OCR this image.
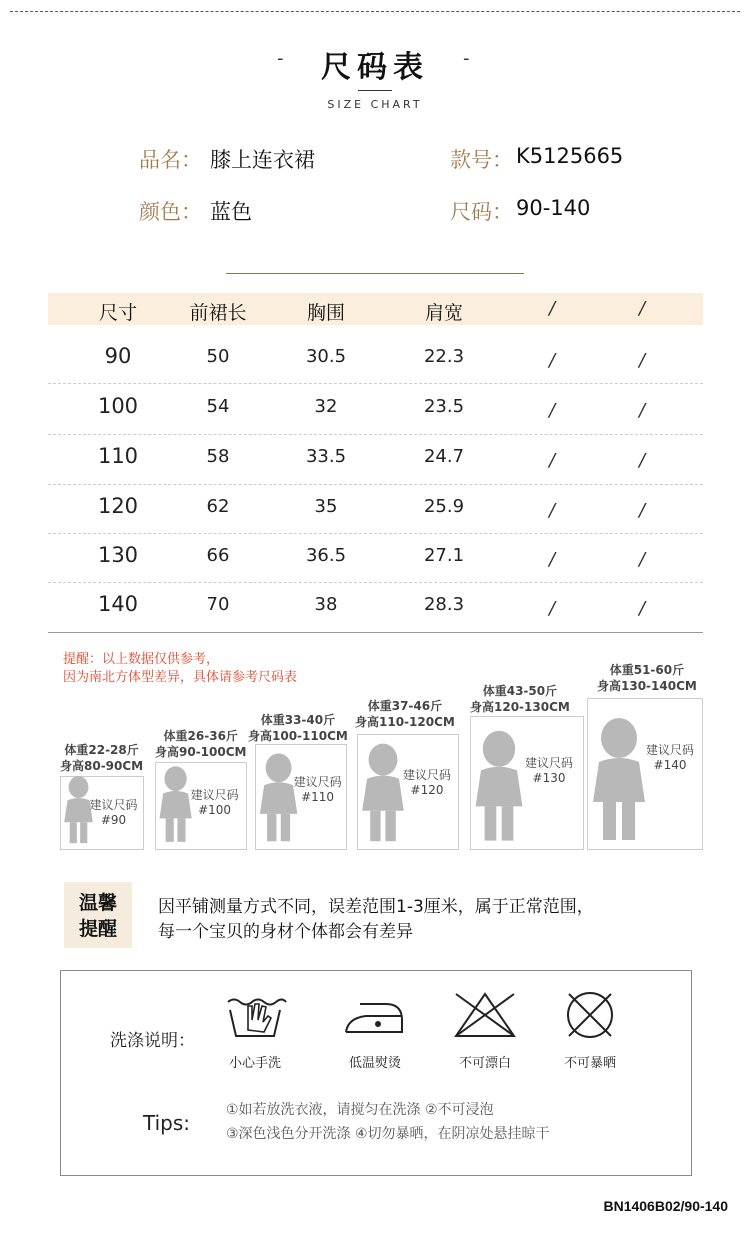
-	尺码表	-
SIZE CHART
品名： 膝上连衣裙	款号： K5125665
颜色： 蓝色	尺码： 90-140
尺寸	前裙长	胸围	肩宽	/	/
90	50	30.5	22.3	/	/
100	54	32	23.5	/	/
110	58	33.5	24.7	/	/
120	62	35	25.9	/	/
130	66	36.5	27.1	/	/
140	70	38	28.3	/	/
提醒：以上数据仅供参考，
因为南北方体型差异，具体请参考尺码表
体重22-28斤
身高80-90CM
建议尺码
#90
体重26-36斤
身高90-100CM
建议尺码
#100
体重33-40斤
身高100-110CM
建议尺码
#110
体重37-46斤
身高110-120CM
建议尺码
#120
体重43-50斤
身高120-130CM
建议尺码
#130
体重51-60斤
身高130-140CM
建议尺码
#140
温馨
提醒
因平铺测量方式不同，误差范围1-3厘米，属于正常范围，
每一个宝贝的身材个体都会有差异
洗涤说明：
小心手洗	低温熨烫	不可漂白	不可暴晒
Tips:
①如若放洗衣液，请搅匀在洗涤 ②不可浸泡
③深色浅色分开洗涤 ④切勿暴晒，在阴凉处悬挂晾干
BN1406B02/90-140
